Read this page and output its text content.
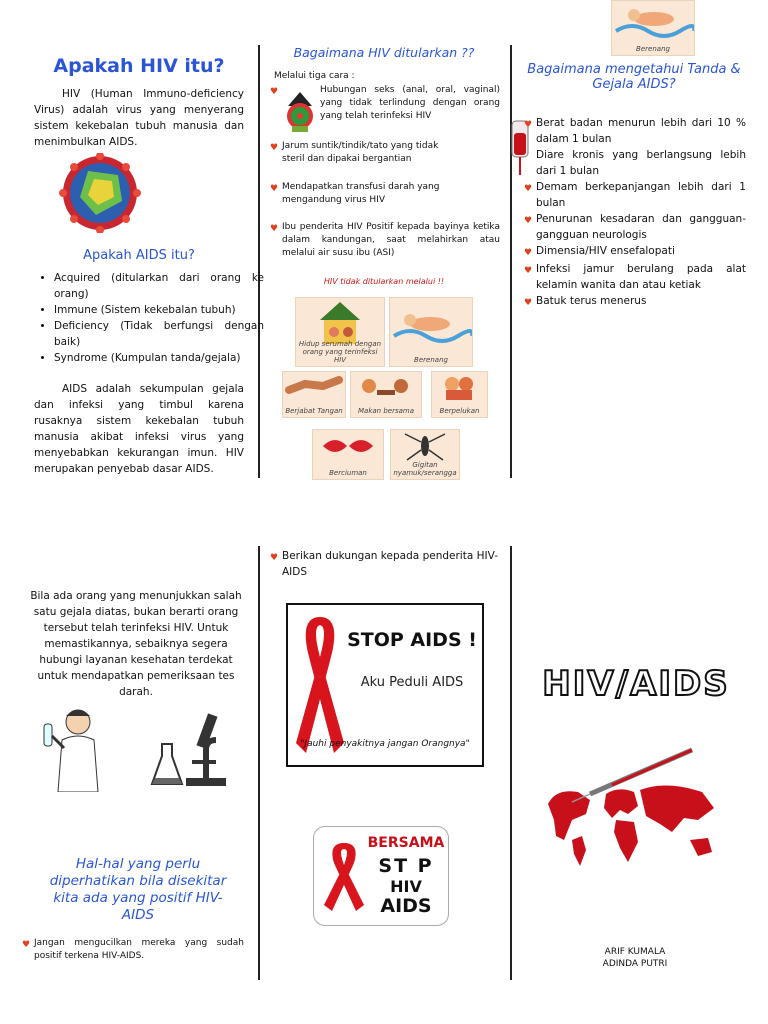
Apakah HIV itu?
HIV (Human Immuno-deficiency Virus) adalah virus yang menyerang sistem kekebalan tubuh manusia dan menimbulkan AIDS.
Apakah AIDS itu?
• Acquired (ditularkan dari orang ke orang)
• Immune (Sistem kekebalan tubuh)
• Deficiency (Tidak berfungsi dengan baik)
• Syndrome (Kumpulan tanda/gejala)
AIDS adalah sekumpulan gejala dan infeksi yang timbul karena rusaknya sistem kekebalan tubuh manusia akibat infeksi virus yang menyebabkan kekurangan imun. HIV merupakan penyebab dasar AIDS.
Bagaimana HIV ditularkan ??
Melalui tiga cara :
♥	Hubungan seks (anal, oral, vaginal) yang tidak terlindung dengan orang yang telah terinfeksi HIV
♥ Jarum suntik/tindik/tato yang tidak steril dan dipakai bergantian
♥ Mendapatkan transfusi darah yang mengandung virus HIV
♥ Ibu penderita HIV Positif kepada bayinya ketika dalam kandungan, saat melahirkan atau melalui air susu ibu (ASI)
HIV tidak ditularkan melalui !!
Hidup serumah dengan orang yang terinfeksi HIV	Berenang
Berjabat Tangan	Makan bersama	Berpelukan
Berciuman
Gigitan nyamuk/serangga
Berenang
Bagaimana mengetahui Tanda & Gejala AIDS?
♥ Berat badan menurun lebih dari 10 % dalam 1 bulan
Diare kronis yang berlangsung lebih dari 1 bulan
♥ Demam berkepanjangan lebih dari 1 bulan
♥ Penurunan kesadaran dan gangguan-gangguan neurologis
♥ Dimensia/HIV ensefalopati
♥ Infeksi jamur berulang pada alat kelamin wanita dan atau ketiak
♥ Batuk terus menerus
Bila ada orang yang menunjukkan salah satu gejala diatas, bukan berarti orang tersebut telah terinfeksi HIV. Untuk memastikannya, sebaiknya segera hubungi layanan kesehatan terdekat untuk mendapatkan pemeriksaan tes darah.
Hal-hal yang perlu diperhatikan bila disekitar kita ada yang positif HIV-AIDS
♥ Jangan mengucilkan mereka yang sudah positif terkena HIV-AIDS.
♥ Berikan dukungan kepada penderita HIV-AIDS
STOP AIDS !
Aku Peduli AIDS
"Jauhi penyakitnya jangan Orangnya"
BERSAMA
ST P
HIV
AIDS
HIV/AIDS
ARIF KUMALA
ADINDA PUTRI
